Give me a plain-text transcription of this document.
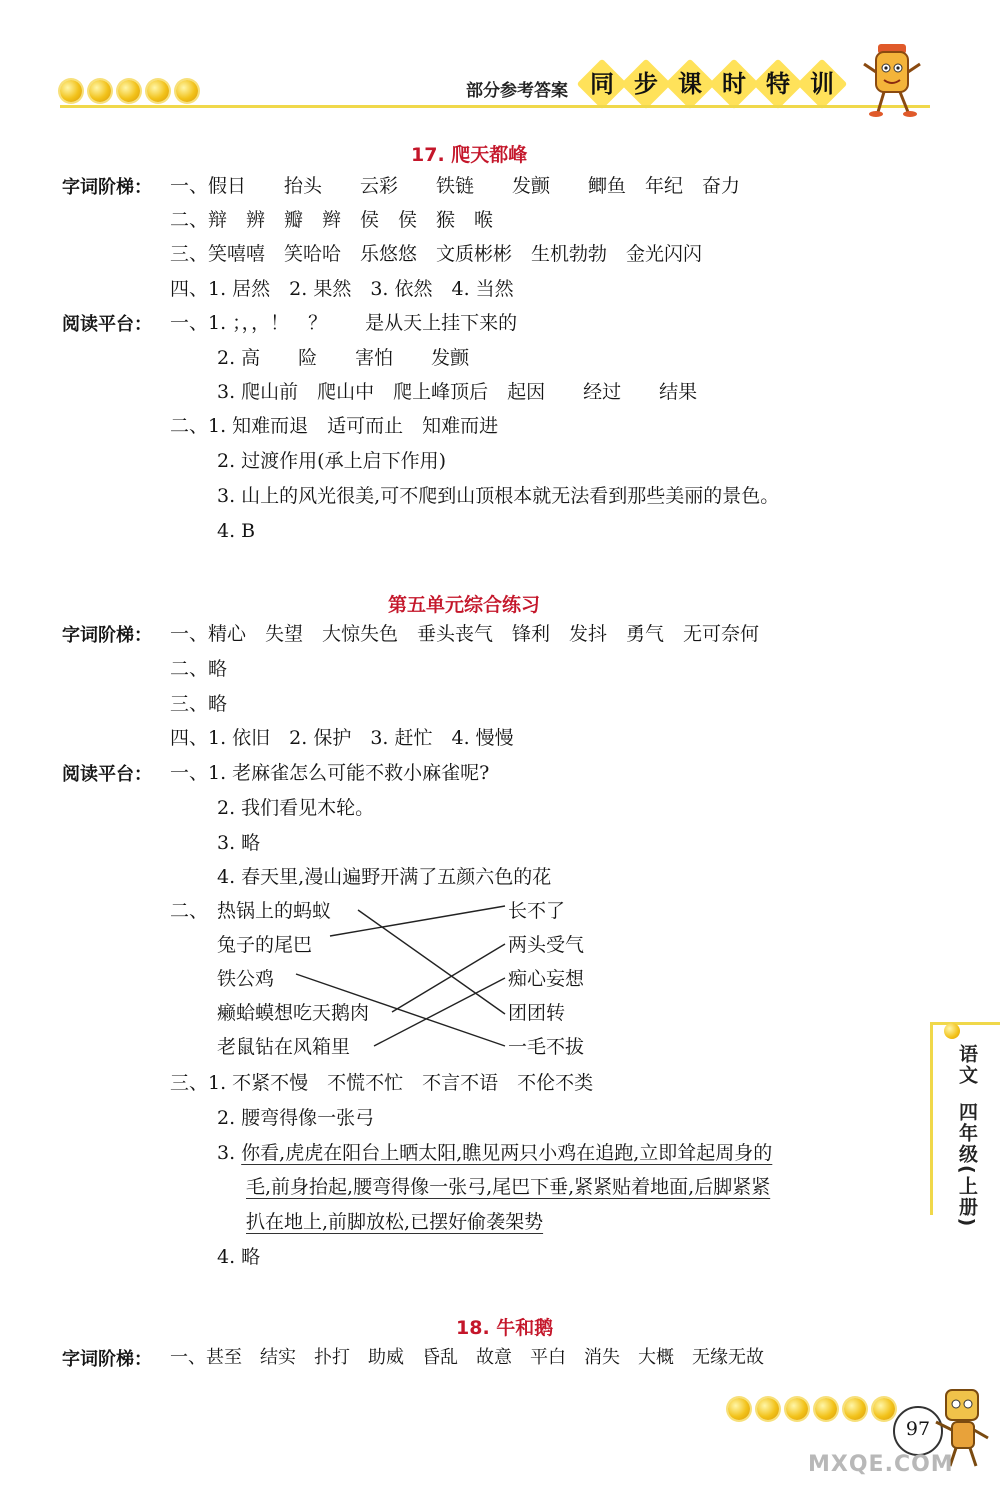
部分参考答案 同 步 课 时 特 训
17. 爬天都峰
字词阶梯： 一、假日　　抬头　　云彩　　铁链　　发颤　　鲫鱼　年纪　奋力
二、辩　辨　瓣　辫　侯　侯　猴　喉
三、笑嘻嘻　笑哈哈　乐悠悠　文质彬彬　生机勃勃　金光闪闪
四、1. 居然　2. 果然　3. 依然　4. 当然
阅读平台： 一、1. ；，，！　？　　是从天上挂下来的
2. 高　　险　　害怕　　发颤
3. 爬山前　爬山中　爬上峰顶后　起因　　经过　　结果
二、1. 知难而退　适可而止　知难而进
2. 过渡作用(承上启下作用)
3. 山上的风光很美,可不爬到山顶根本就无法看到那些美丽的景色。
4. B
第五单元综合练习
字词阶梯： 一、精心　失望　大惊失色　垂头丧气　锋利　发抖　勇气　无可奈何
二、略
三、略
四、1. 依旧　2. 保护　3. 赶忙　4. 慢慢
阅读平台： 一、1. 老麻雀怎么可能不救小麻雀呢?
2. 我们看见木轮。
3. 略
4. 春天里,漫山遍野开满了五颜六色的花
二、 热锅上的蚂蚁
兔子的尾巴
铁公鸡
癞蛤蟆想吃天鹅肉
老鼠钻在风箱里
长不了
两头受气
痴心妄想
团团转
一毛不拔
三、1. 不紧不慢　不慌不忙　不言不语　不伦不类
2. 腰弯得像一张弓
3. 你看,虎虎在阳台上晒太阳,瞧见两只小鸡在追跑,立即耸起周身的
毛,前身抬起,腰弯得像一张弓,尾巴下垂,紧紧贴着地面,后脚紧紧
扒在地上,前脚放松,已摆好偷袭架势
4. 略
18. 牛和鹅
字词阶梯： 一、甚至　结实　扑打　助威　昏乱　故意　平白　消失　大概　无缘无故
语文
四年级(上册)
97
MXQE.COM
